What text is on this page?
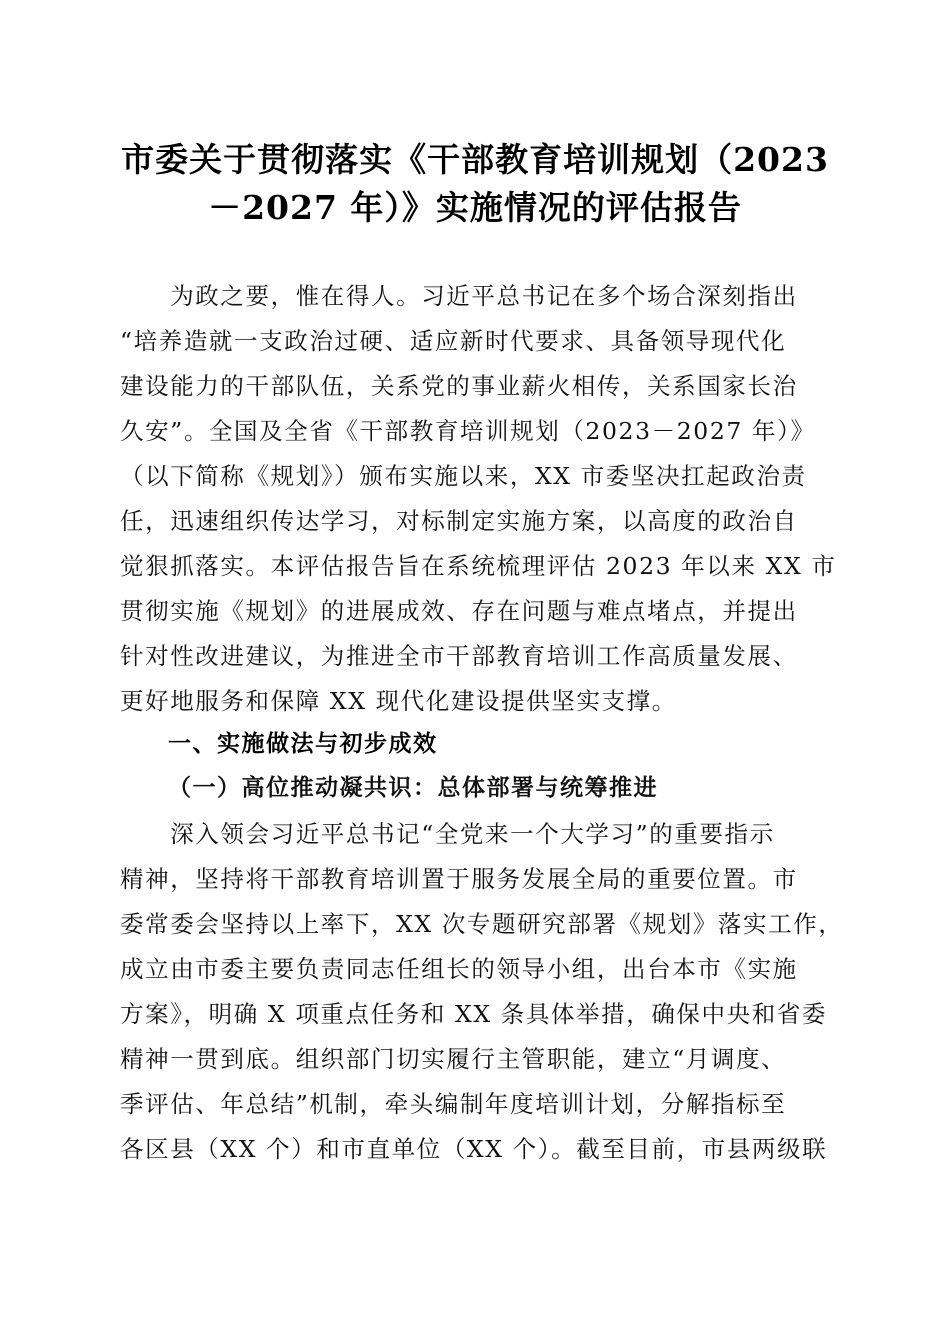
市委关于贯彻落实《干部教育培训规划（2023
－2027 年）》实施情况的评估报告
　　为政之要，惟在得人。习近平总书记在多个场合深刻指出
“培养造就一支政治过硬、适应新时代要求、具备领导现代化
建设能力的干部队伍，关系党的事业薪火相传，关系国家长治
久安”。全国及全省《干部教育培训规划（2023－2027 年）》
（以下简称《规划》）颁布实施以来，XX 市委坚决扛起政治责
任，迅速组织传达学习，对标制定实施方案，以高度的政治自
觉狠抓落实。本评估报告旨在系统梳理评估 2023 年以来 XX 市
贯彻实施《规划》的进展成效、存在问题与难点堵点，并提出
针对性改进建议，为推进全市干部教育培训工作高质量发展、
更好地服务和保障 XX 现代化建设提供坚实支撑。
一、实施做法与初步成效
（一）高位推动凝共识：总体部署与统筹推进
　　深入领会习近平总书记“全党来一个大学习”的重要指示
精神，坚持将干部教育培训置于服务发展全局的重要位置。市
委常委会坚持以上率下，XX 次专题研究部署《规划》落实工作，
成立由市委主要负责同志任组长的领导小组，出台本市《实施
方案》，明确 X 项重点任务和 XX 条具体举措，确保中央和省委
精神一贯到底。组织部门切实履行主管职能，建立“月调度、
季评估、年总结”机制，牵头编制年度培训计划，分解指标至
各区县（XX 个）和市直单位（XX 个）。截至目前，市县两级联
